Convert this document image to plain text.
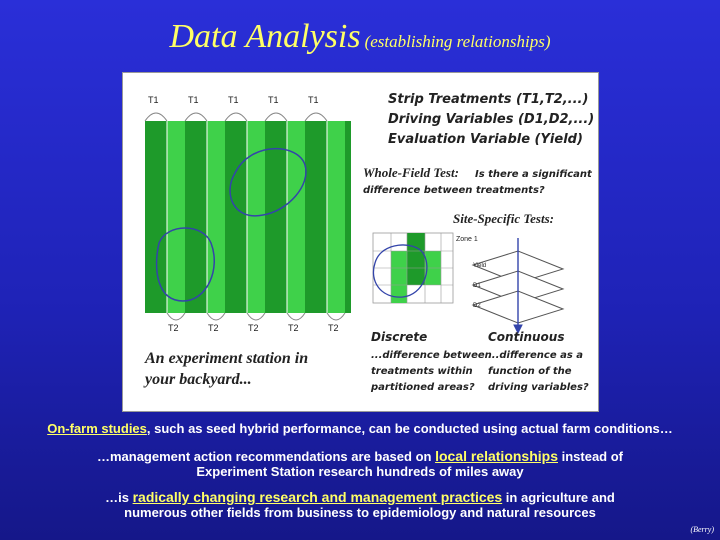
Data Analysis (establishing relationships)
T1	T1	T1	T1	T1
T2	T2	T2	T2	T2
Strip Treatments (T1,T2,...)
Driving Variables (D1,D2,...)
Evaluation Variable (Yield)
Whole-Field Test: Is there a significant
difference between treatments?
Site-Specific Tests:
Zone 1
Yield
D1
D2
Discrete
...difference between
treatments within
partitioned areas?
Continuous
...difference as a
function of the
driving variables?
An experiment station in
your backyard...
On-farm studies, such as seed hybrid performance, can be conducted using actual farm conditions…
…management action recommendations are based on local relationships instead of
Experiment Station research hundreds of miles away
…is radically changing research and management practices in agriculture and
numerous other fields from business to epidemiology and natural resources
(Berry)
